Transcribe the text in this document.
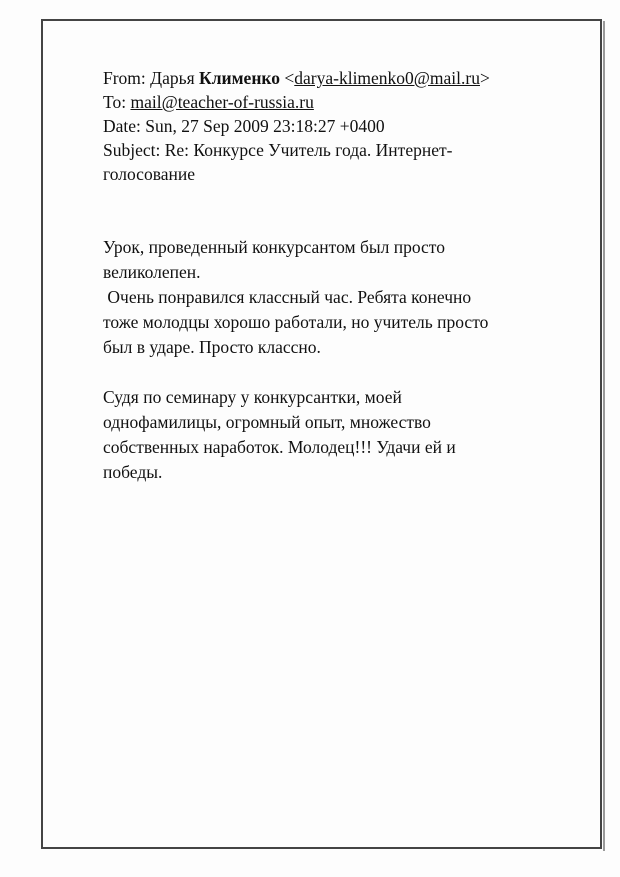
From: Дарья Клименко <darya-klimenko0@mail.ru>
To: mail@teacher-of-russia.ru
Date: Sun, 27 Sep 2009 23:18:27 +0400
Subject: Re: Конкурсе Учитель года. Интернет-
голосование
Урок, проведенный конкурсантом был просто
великолепен.
Очень понравился классный час. Ребята конечно
тоже молодцы хорошо работали, но учитель просто
был в ударе. Просто классно.
Судя по семинару у конкурсантки, моей
однофамилицы, огромный опыт, множество
собственных наработок. Молодец!!! Удачи ей и
победы.
